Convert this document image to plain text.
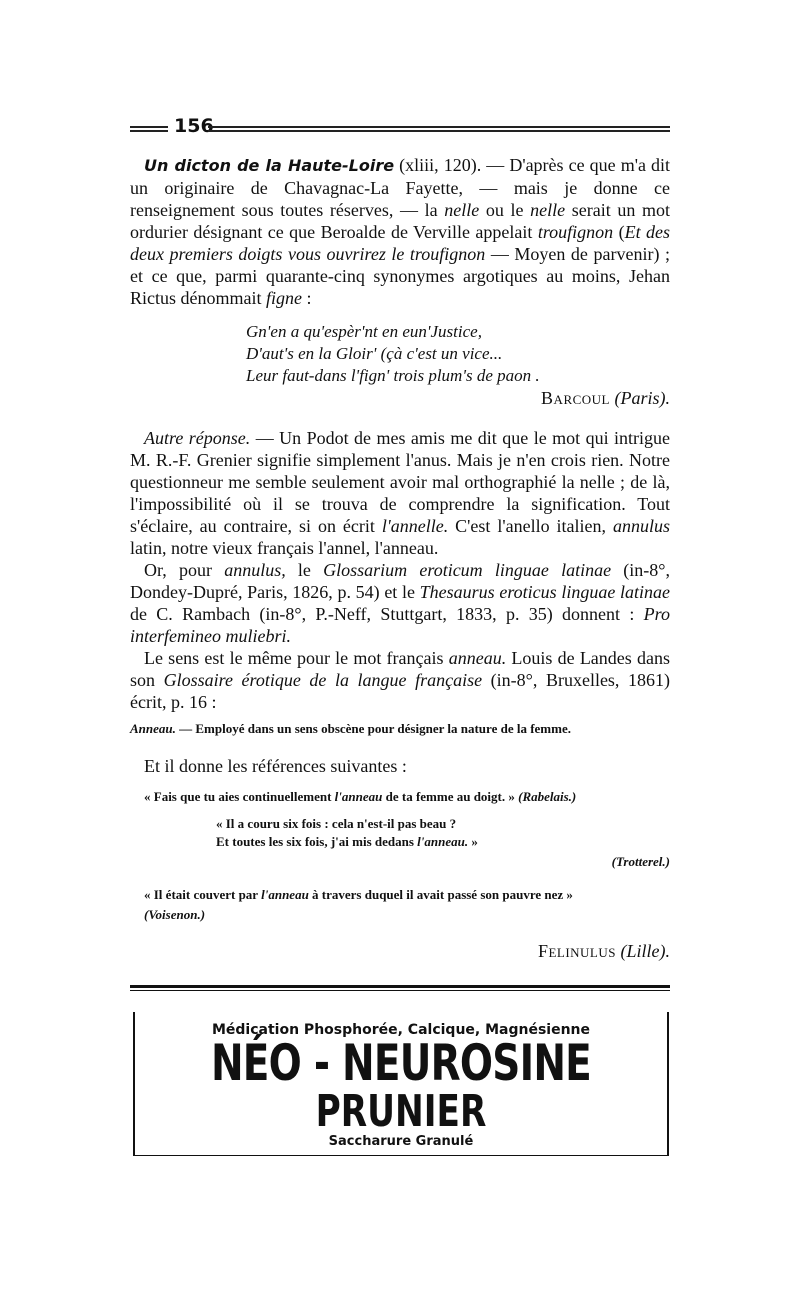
156

Un dicton de la Haute-Loire (xliii, 120). — D'après ce que m'a dit un originaire de Chavagnac-La Fayette, — mais je donne ce renseignement sous toutes réserves, — la nelle ou le nelle serait un mot ordurier désignant ce que Beroalde de Verville appelait troufignon (Et des deux premiers doigts vous ouvrirez le troufignon — Moyen de parvenir) ; et ce que, parmi quarante-cinq synonymes argotiques au moins, Jehan Rictus dénommait figne :

Gn'en a qu'espèr'nt en eun'Justice,
D'aut's en la Gloir' (çà c'est un vice...
Leur faut-dans l'fign' trois plum's de paon .
Barcoul (Paris).

Autre réponse. — Un Podot de mes amis me dit que le mot qui intrigue M. R.-F. Grenier signifie simplement l'anus. Mais je n'en crois rien. Notre questionneur me semble seulement avoir mal orthographié la nelle ; de là, l'impossibilité où il se trouva de comprendre la signification. Tout s'éclaire, au contraire, si on écrit l'annelle. C'est l'anello italien, annulus latin, notre vieux français l'annel, l'anneau.

Or, pour annulus, le Glossarium eroticum linguae latinae (in-8°, Dondey-Dupré, Paris, 1826, p. 54) et le Thesaurus eroticus linguae latinae de C. Rambach (in-8°, P.-Neff, Stuttgart, 1833, p. 35) donnent : Pro interfemineo muliebri.

Le sens est le même pour le mot français anneau. Louis de Landes dans son Glossaire érotique de la langue française (in-8°, Bruxelles, 1861) écrit, p. 16 :

Anneau. — Employé dans un sens obscène pour désigner la nature de la femme.

Et il donne les références suivantes :

« Fais que tu aies continuellement l'anneau de ta femme au doigt. » (Rabelais.)

« Il a couru six fois : cela n'est-il pas beau ?
Et toutes les six fois, j'ai mis dedans l'anneau. »
(Trotterel.)

« Il était couvert par l'anneau à travers duquel il avait passé son pauvre nez »
(Voisenon.)

Felinulus (Lille).
Médication Phosphorée, Calcique, Magnésienne
NÉO - NEUROSINE
PRUNIER
Saccharure Granulé
